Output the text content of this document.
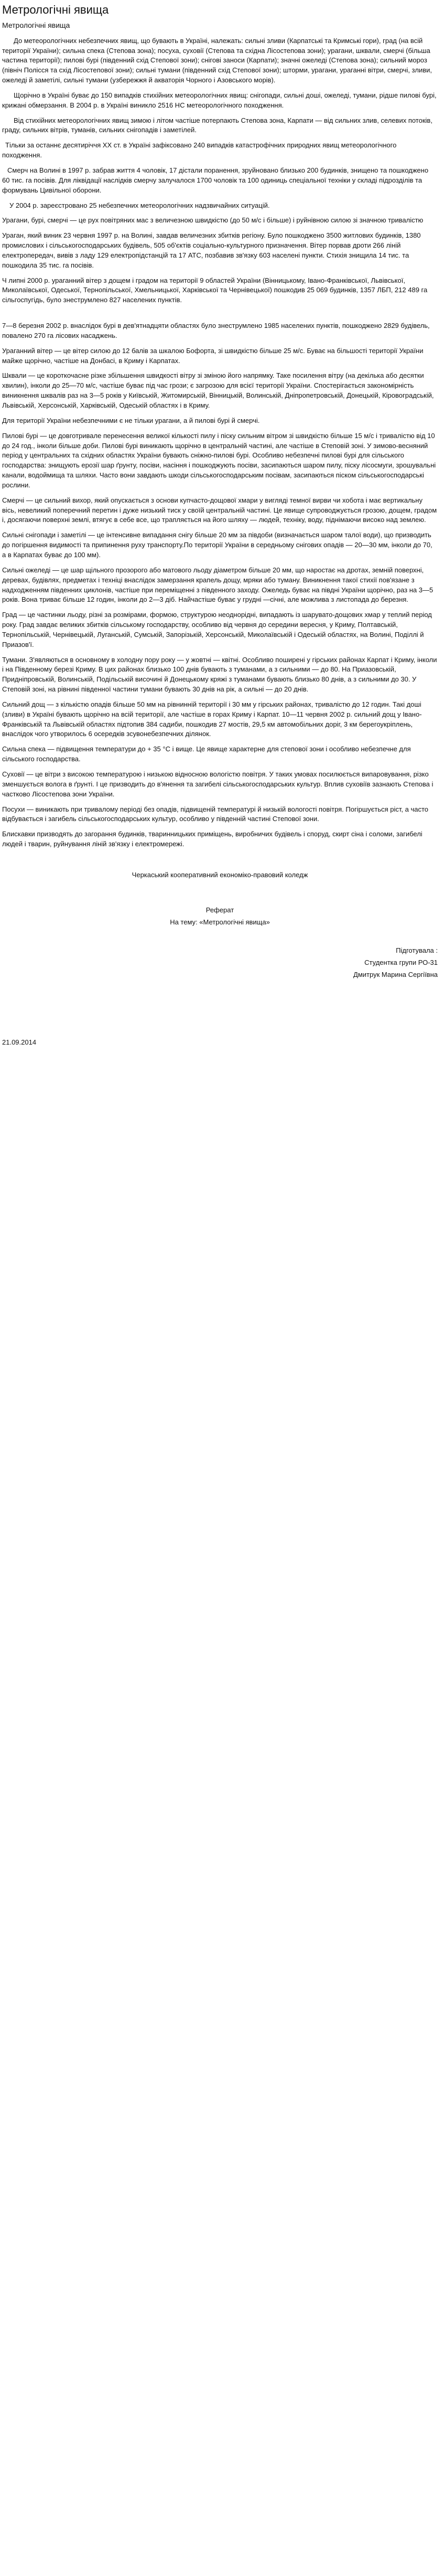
Метрологічні явища
Метрологічні явища

До метеорологічних небезпечних явищ, що бувають в Україні, належать: сильні зливи (Карпатські та Кримські гори), град (на всій території України); сильна спека (Степова зона); посуха, суховії (Степова та східна Лісостепова зони); урагани, шквали, смерчі (більша частина території); пилові бурі (південний схід Степової зони); снігові заноси (Карпати); значні ожеледі (Степова зона); сильний мороз (північ Полісся та схід Лісостепової зони); сильні тумани (південний схід Степової зони); шторми, урагани, ураганні вітри, смерчі, зливи, ожеледі й заметілі, сильні тумани (узбережжя й акваторія Чорного і Азовського морів).

Щорічно в Україні буває до 150 випадків стихійних метеорологічних явищ: снігопади, сильні доші, ожеледі, тумани, рідше пилові бурі, крижані обмерзання. В 2004 р. в Україні виникло 2516 НС метеорологічного походження.

Від стихійних метеорологічних явищ зимою і літом частіше потерпають Степова зона, Карпати — від сильних злив, селевих потоків, граду, сильних вітрів, туманів, сильних снігопадів і заметілей.

Тільки за останнє десятиріччя XX ст. в Україні зафіксовано 240 випадків катастрофічних природних явищ метеорологічного походження.

Смерч на Волині в 1997 р. забрав життя 4 чоловік, 17 дістали поранення, зруйновано близько 200 будинків, знищено та пошкоджено 60 тис. га посівів. Для ліквідації наслідків смерчу залучалося 1700 чоловік та 100 одиниць спеціальної техніки у складі підрозділів та формувань Цивільної оборони.

У 2004 р. зареєстровано 25 небезпечних метеорологічних надзвичайних ситуацій.

Урагани, бурі, смерчі — це рух повітряних мас з величезною швидкістю (до 50 м/с і більше) і руйнівною силою зі значною тривалістю

Ураган, який виник 23 червня 1997 р. на Волині, завдав величезних збитків регіону. Було пошкоджено 3500 житлових будинків, 1380 промислових і сільськогосподарських будівель, 505 об'єктів соціально-культурного призначення. Вітер порвав дроти 266 ліній електропередач, вивів з ладу 129 електропідстанцій та 17 АТС, позбавив зв'язку 603 населені пункти. Стихія знищила 14 тис. та пошкодила 35 тис. га посівів.

Ч липні 2000 р. ураганний вітер з дощем і градом на території 9 областей України (Вінницькому, Івано-Франківської, Львівської, Миколаївської, Одеської, Тернопільської, Хмельницької, Харківської та Чернівецької) пошкодив 25 069 будинків, 1357 ЛБП, 212 489 га сільгоспугідь, було знеструмлено 827 населених пунктів.

7—8 березня 2002 р. внаслідок бурі в дев'ятнадцяти областях було знеструмлено 1985 населених пунктів, пошкоджено 2829 будівель, повалено 270 га лісових насаджень.

Ураганний вітер — це вітер силою до 12 балів за шкалою Бофорта, зі швидкістю більше 25 м/с. Буває на більшості території України майже щорічно, частіше на Донбасі, в Криму і Карпатах.

Шквали — це короткочасне різке збільшення швидкості вітру зі зміною його напрямку. Таке посилення вітру (на декілька або десятки хвилин), інколи до 25—70 м/с, частіше буває під час грози; є загрозою для всієї території України. Спостерігається закономірність виникнення шквалів раз на 3—5 років у Київській, Житомирській, Вінницькій, Волинській, Дніпропетровській, Донецькій, Кіровоградській, Львівській, Херсонській, Харківській, Одеській областях і в Криму.

Для території України небезпечними є не тільки урагани, а й пилові бурі й смерчі.

Пилові бурі — це довготривале перенесення великої кількості пилу і піску сильним вітром зі швидкістю більше 15 м/с і тривалістю від 10 до 24 год., інколи більше доби. Пилові бурі виникають щорічно в центральній частині, але частіше в Степовій зоні. У зимово-весняний період у центральних та східних областях України бувають сніжно-пилові бурі. Особливо небезпечні пилові бурі для сільського господарства: знищують ерозії шар ґрунту, посіви, насіння і пошкоджують посіви, засипаються шаром пилу, піску лісосмуги, зрошувальні канали, водоймища та шляхи. Часто вони завдають шкоди сільськогосподарським посівам, засипаються піском сільськогосподарські рослини.

Смерчі — це сильний вихор, який опускається з основи купчасто-дощової хмари у вигляді темної вирви чи хобота і має вертикальну вісь, невеликий поперечний перетин і дуже низький тиск у своїй центральній частині. Це явище супроводжується грозою, дощем, градом і, досягаючи поверхні землі, втягує в себе все, що трапляється на його шляху — людей, техніку, воду, піднімаючи високо над землею.

Сильні снігопади і заметілі — це інтенсивне випадання снігу більше 20 мм за півдоби (визначається шаром талої води), що призводить до погіршення видимості та припинення руху транспорту.По території України в середньому снігових опадів — 20—30 мм, інколи до 70, а в Карпатах буває до 100 мм).

Сильні ожеледі — це шар щільного прозорого або матового льоду діаметром більше 20 мм, що наростає на дротах, земній поверхні, деревах, будівлях, предметах і техніці внаслідок замерзання крапель дощу, мряки або туману. Виникнення такої стихії пов'язане з надходженням південних циклонів, частіше при переміщенні з південного заходу. Ожеледь буває на півдні України щорічно, раз на 3—5 років. Вона триває більше 12 годин, інколи до 2—3 діб. Найчастіше буває у грудні —січні, але можлива з листопада до березня.

Град — це частинки льоду, різні за розмірами, формою, структурою неоднорідні, випадають із шарувато-дощових хмар у теплий період року. Град завдає великих збитків сільському господарству, особливо від червня до середини вересня, у Криму, Полтавській, Тернопільській, Чернівецькій, Луганській, Сумській, Запорізькій, Херсонській, Миколаївській і Одеській областях, на Волині, Поділлі й Приазов'ї.

Тумани. З'являються в основному в холодну пору року — у жовтні — квітні. Особливо поширені у гірських районах Карпат і Криму, інколи і на Південному березі Криму. В цих районах близько 100 днів бувають з туманами, а з сильними — до 80. На Приазовській, Придніпровській, Волинській, Подільській височині й Донецькому кряжі з туманами бувають близько 80 днів, а з сильними до 30. У Степовій зоні, на рівнині південної частини тумани бувають 30 днів на рік, а сильні — до 20 днів.

Сильний дощ — з кількістю опадів більше 50 мм на рівнинній території і 30 мм у гірських районах, тривалістю до 12 годин. Такі доші (зливи) в Україні бувають щорічно на всій території, але частіше в горах Криму і Карпат. 10—11 червня 2002 р. сильний дощ у Івано-Франківській та Львівській областях підтопив 384 садиби, пошкодив 27 мостів, 29,5 км автомобільних доріг, 3 км берегоукріплень, внаслідок чого утворилось 6 осередків зсувонебезпечних ділянок.

Сильна спека — підвищення температури до + 35 °С і вище. Це явище характерне для степової зони і особливо небезпечне для сільського господарства.

Суховії — це вітри з високою температурою і низькою відносною вологістю повітря. У таких умовах посилюється випаровування, різко зменшується волога в ґрунті. І це призводить до в'янення та загибелі сільськогосподарських культур. Вплив суховіїв зазнають Степова і частково Лісостепова зони України.

Посухи — виникають при тривалому періоді без опадів, підвищеній температурі й низькій вологості повітря. Погіршується ріст, а часто відбувається і загибель сільськогосподарських культур, особливо у південній частині Степової зони.

Блискавки призводять до загорання будинків, тваринницьких приміщень, виробничих будівель і споруд, скирт сіна і соломи, загибелі людей і тварин, руйнування ліній зв'язку і електромережі.

Черкаський кооперативний економіко-правовий коледж
Реферат
На тему: «Метрологічні явища»
Підготувала :
Студентка групи РО-31
Дмитрук Марина Сергіївна
21.09.2014
